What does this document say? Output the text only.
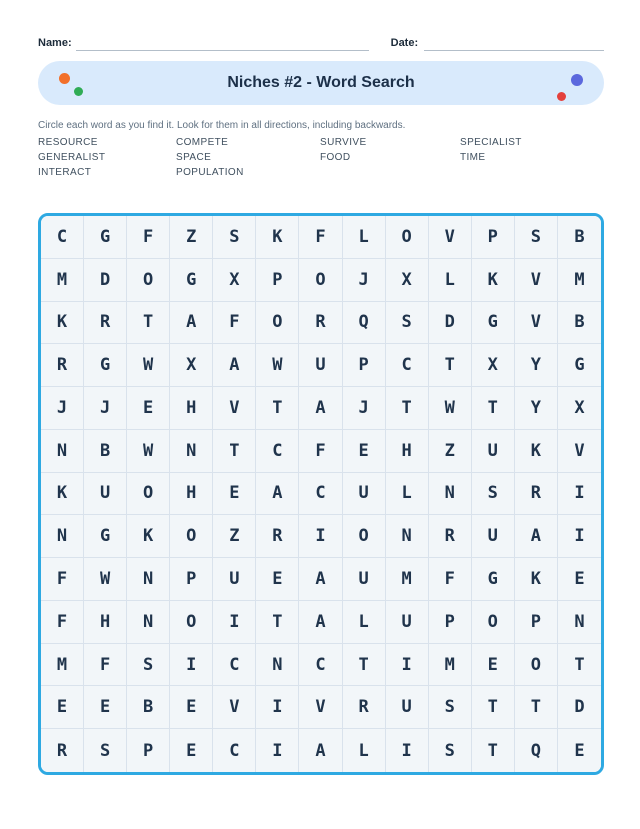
Name:	Date:
Niches #2 - Word Search
Circle each word as you find it. Look for them in all directions, including backwards.
RESOURCE
GENERALIST
INTERACT
COMPETE
SPACE
POPULATION
SURVIVE
FOOD
SPECIALIST
TIME
C	G	F	Z	S	K	F	L	O	V	P	S	B
M	D	O	G	X	P	O	J	X	L	K	V	M
K	R	T	A	F	O	R	Q	S	D	G	V	B
R	G	W	X	A	W	U	P	C	T	X	Y	G
J	J	E	H	V	T	A	J	T	W	T	Y	X
N	B	W	N	T	C	F	E	H	Z	U	K	V
K	U	O	H	E	A	C	U	L	N	S	R	I
N	G	K	O	Z	R	I	O	N	R	U	A	I
F	W	N	P	U	E	A	U	M	F	G	K	E
F	H	N	O	I	T	A	L	U	P	O	P	N
M	F	S	I	C	N	C	T	I	M	E	O	T
E	E	B	E	V	I	V	R	U	S	T	T	D
R	S	P	E	C	I	A	L	I	S	T	Q	E
